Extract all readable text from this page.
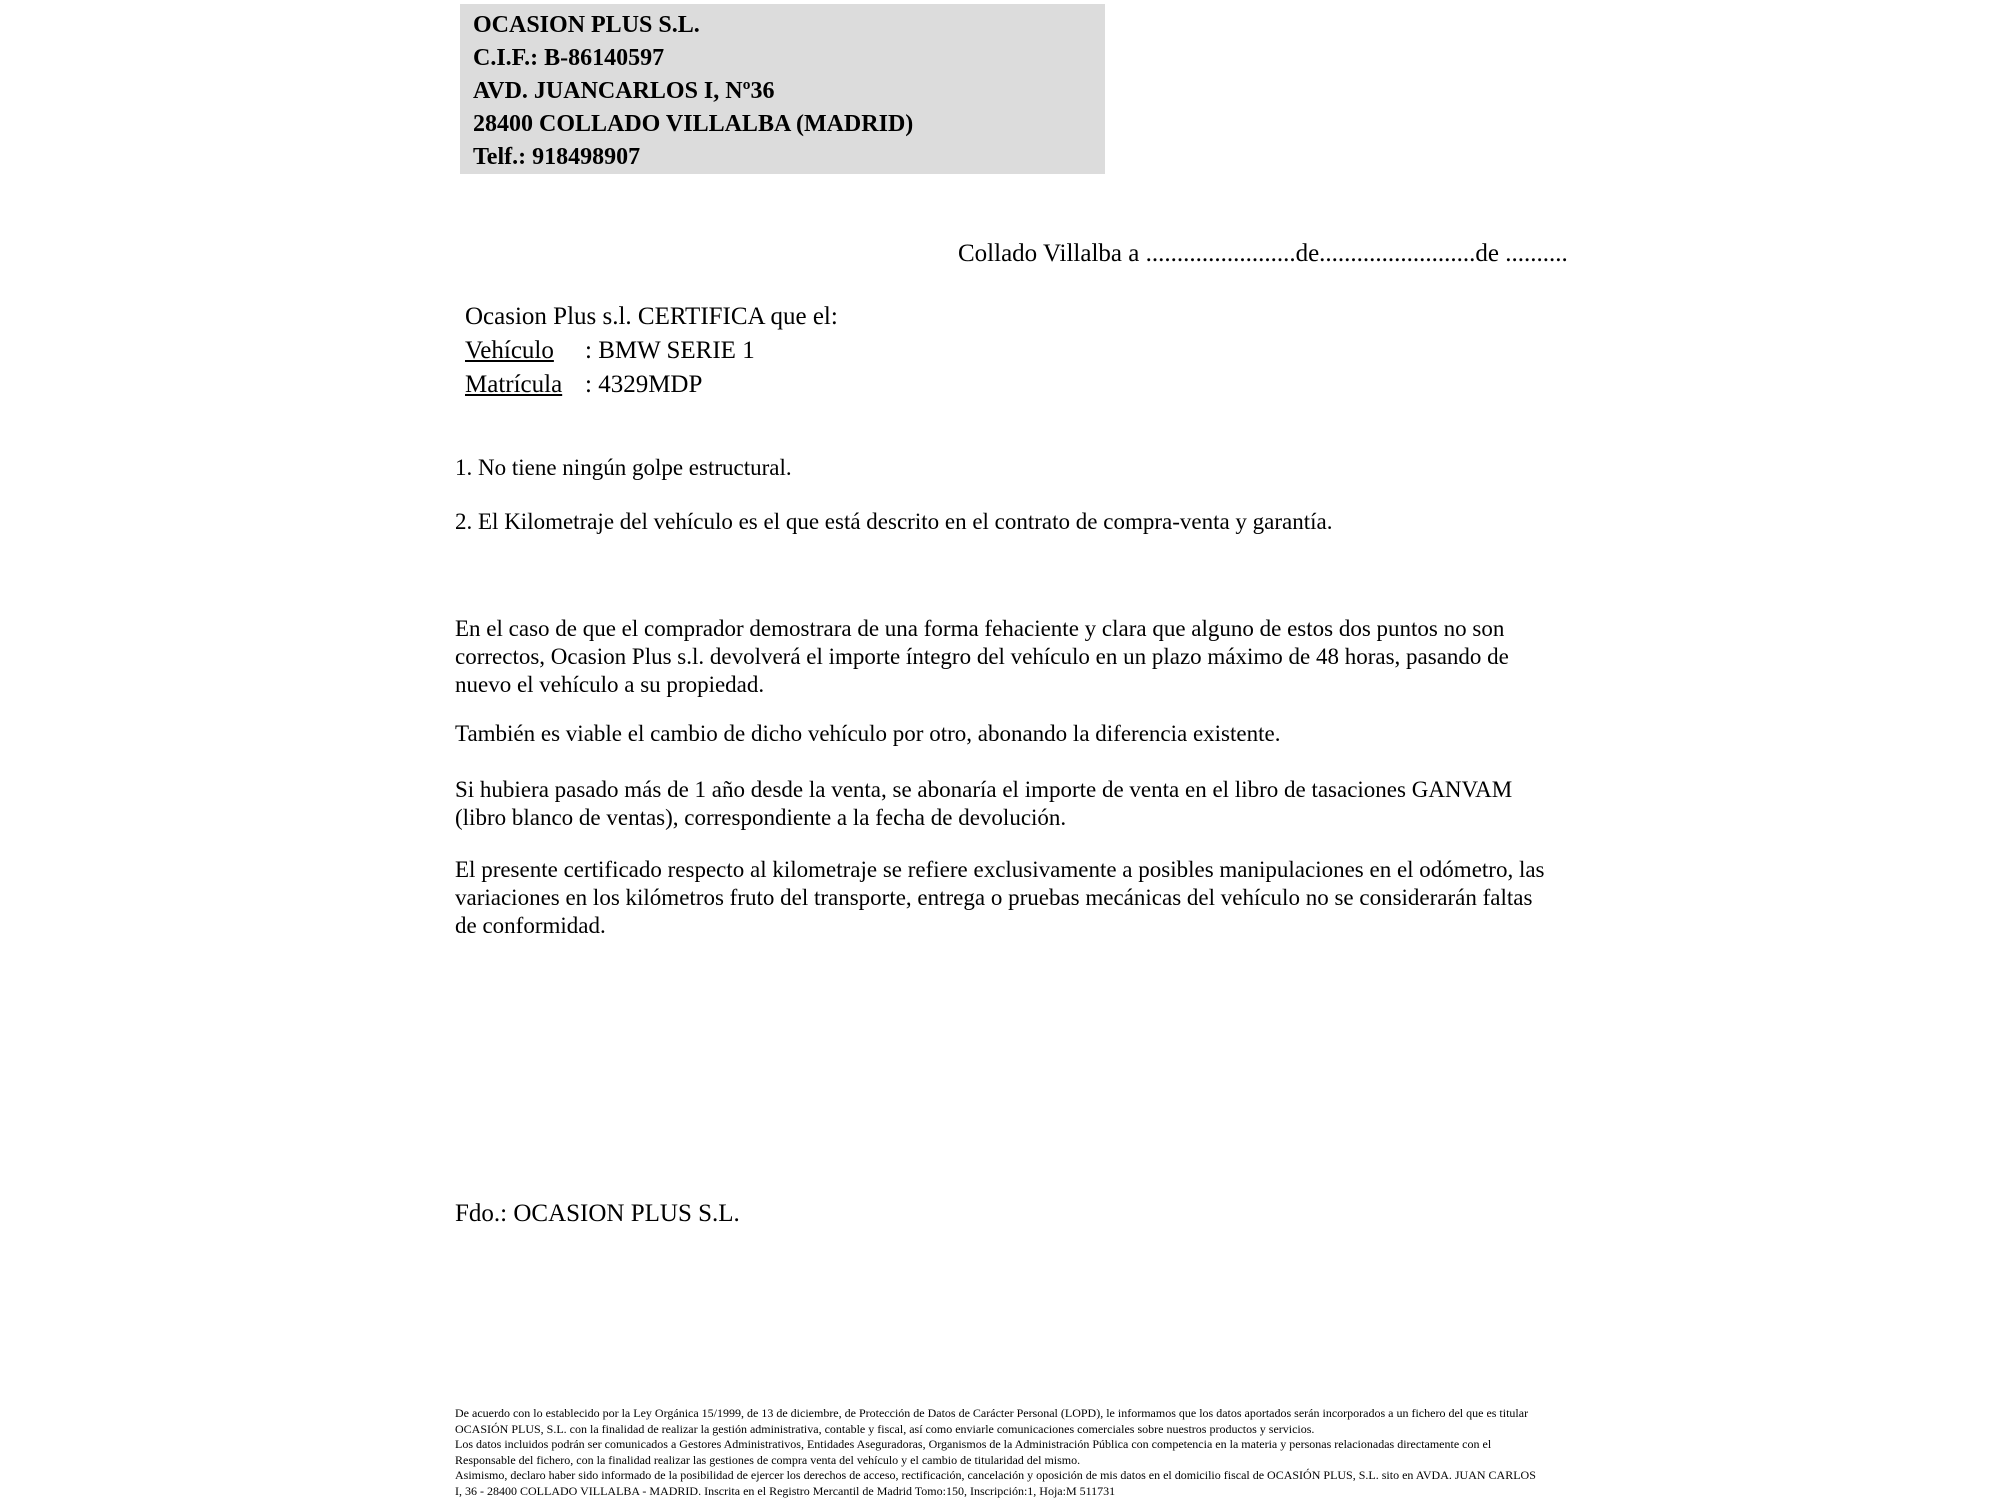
OCASION PLUS S.L.
C.I.F.: B-86140597
AVD. JUANCARLOS I, Nº36
28400 COLLADO VILLALBA (MADRID)
Telf.: 918498907
Collado Villalba a ........................de.........................de ..........
Ocasion Plus s.l. CERTIFICA que el:
Vehículo : BMW SERIE 1
Matrícula : 4329MDP
1. No tiene ningún golpe estructural.
2. El Kilometraje del vehículo es el que está descrito en el contrato de compra-venta y garantía.
En el caso de que el comprador demostrara de una forma fehaciente y clara que alguno de estos dos puntos no son correctos, Ocasion Plus s.l. devolverá el importe íntegro del vehículo en un plazo máximo de 48 horas, pasando de nuevo el vehículo a su propiedad.
También es viable el cambio de dicho vehículo por otro, abonando la diferencia existente.
Si hubiera pasado más de 1 año desde la venta, se abonaría el importe de venta en el libro de tasaciones GANVAM (libro blanco de ventas), correspondiente a la fecha de devolución.
El presente certificado respecto al kilometraje se refiere exclusivamente a posibles manipulaciones en el odómetro, las variaciones en los kilómetros fruto del transporte, entrega o pruebas mecánicas del vehículo no se considerarán faltas de conformidad.
Fdo.: OCASION PLUS S.L.

De acuerdo con lo establecido por la Ley Orgánica 15/1999, de 13 de diciembre, de Protección de Datos de Carácter Personal (LOPD), le informamos que los datos aportados serán incorporados a un fichero del que es titular OCASIÓN PLUS, S.L. con la finalidad de realizar la gestión administrativa, contable y fiscal, así como enviarle comunicaciones comerciales sobre nuestros productos y servicios.

Los datos incluidos podrán ser comunicados a Gestores Administrativos, Entidades Aseguradoras, Organismos de la Administración Pública con competencia en la materia y personas relacionadas directamente con el Responsable del fichero, con la finalidad realizar las gestiones de compra venta del vehículo y el cambio de titularidad del mismo.

Asimismo, declaro haber sido informado de la posibilidad de ejercer los derechos de acceso, rectificación, cancelación y oposición de mis datos en el domicilio fiscal de OCASIÓN PLUS, S.L. sito en AVDA. JUAN CARLOS I, 36 - 28400 COLLADO VILLALBA - MADRID. Inscrita en el Registro Mercantil de Madrid Tomo:150, Inscripción:1, Hoja:M 511731
